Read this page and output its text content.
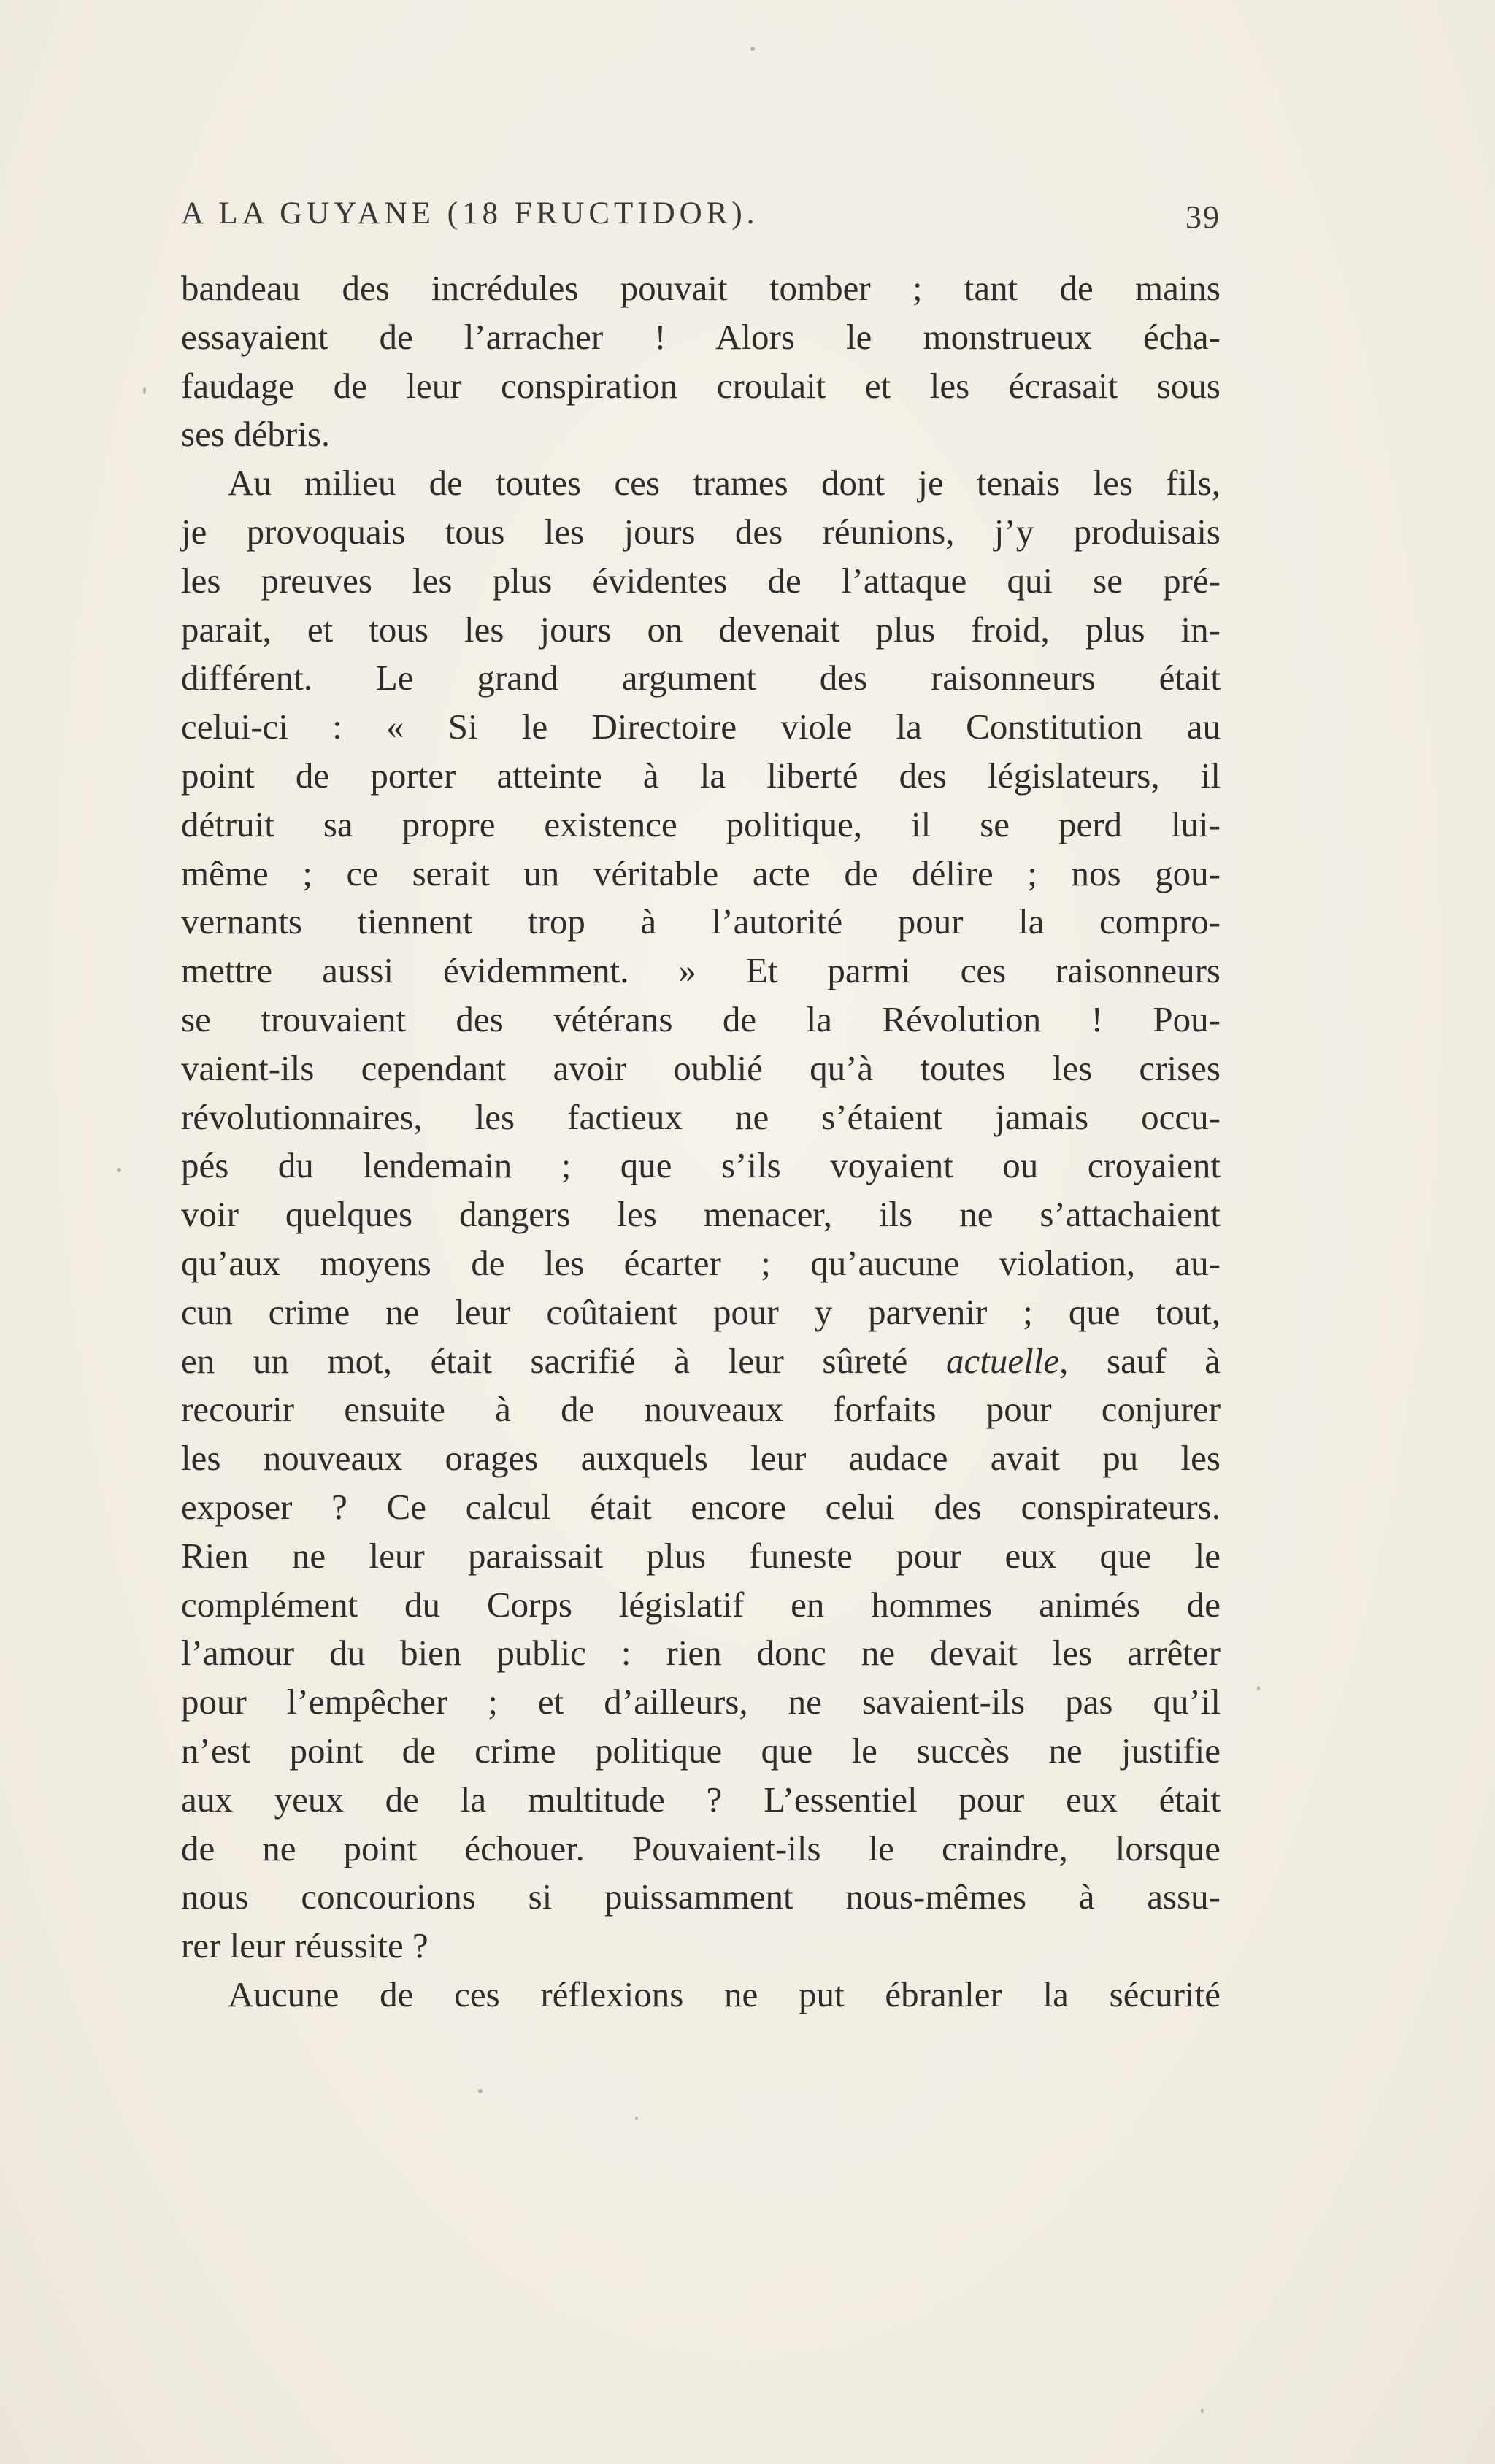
A LA GUYANE (18 FRUCTIDOR).	39
bandeau des incrédules pouvait tomber ; tant de mains
essayaient de l’arracher ! Alors le monstrueux écha-
faudage de leur conspiration croulait et les écrasait sous
ses débris.
Au milieu de toutes ces trames dont je tenais les fils,
je provoquais tous les jours des réunions, j’y produisais
les preuves les plus évidentes de l’attaque qui se pré-
parait, et tous les jours on devenait plus froid, plus in-
différent. Le grand argument des raisonneurs était
celui-ci : « Si le Directoire viole la Constitution au
point de porter atteinte à la liberté des législateurs, il
détruit sa propre existence politique, il se perd lui-
même ; ce serait un véritable acte de délire ; nos gou-
vernants tiennent trop à l’autorité pour la compro-
mettre aussi évidemment. » Et parmi ces raisonneurs
se trouvaient des vétérans de la Révolution ! Pou-
vaient-ils cependant avoir oublié qu’à toutes les crises
révolutionnaires, les factieux ne s’étaient jamais occu-
pés du lendemain ; que s’ils voyaient ou croyaient
voir quelques dangers les menacer, ils ne s’attachaient
qu’aux moyens de les écarter ; qu’aucune violation, au-
cun crime ne leur coûtaient pour y parvenir ; que tout,
en un mot, était sacrifié à leur sûreté actuelle, sauf à
recourir ensuite à de nouveaux forfaits pour conjurer
les nouveaux orages auxquels leur audace avait pu les
exposer ? Ce calcul était encore celui des conspirateurs.
Rien ne leur paraissait plus funeste pour eux que le
complément du Corps législatif en hommes animés de
l’amour du bien public : rien donc ne devait les arrêter
pour l’empêcher ; et d’ailleurs, ne savaient-ils pas qu’il
n’est point de crime politique que le succès ne justifie
aux yeux de la multitude ? L’essentiel pour eux était
de ne point échouer. Pouvaient-ils le craindre, lorsque
nous concourions si puissamment nous-mêmes à assu-
rer leur réussite ?
Aucune de ces réflexions ne put ébranler la sécurité
